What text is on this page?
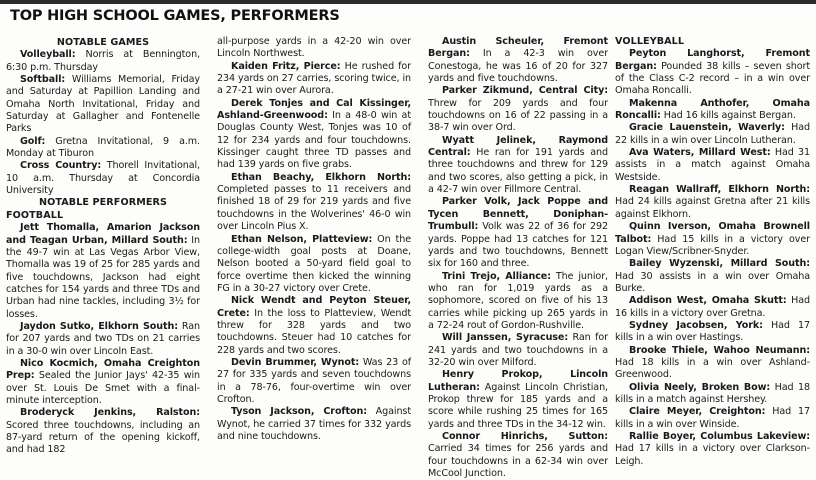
TOP HIGH SCHOOL GAMES, PERFORMERS

NOTABLE GAMES

Volleyball: Norris at Bennington, 6:30 p.m. Thursday

Softball: Williams Memorial, Friday and Saturday at Papillion Landing and Omaha North Invitational, Friday and Saturday at Gallagher and Fontenelle Parks

Golf: Gretna Invitational, 9 a.m. Monday at Tiburon

Cross Country: Thorell Invitational, 10 a.m. Thursday at Concordia University

NOTABLE PERFORMERS

FOOTBALL

Jett Thomalla, Amarion Jackson and Teagan Urban, Millard South: In the 49-7 win at Las Vegas Arbor View, Thomalla was 19 of 25 for 285 yards and five touchdowns, Jackson had eight catches for 154 yards and three TDs and Urban had nine tackles, including 3½ for losses.

Jaydon Sutko, Elkhorn South: Ran for 207 yards and two TDs on 21 carries in a 30-0 win over Lincoln East.

Nico Kocmich, Omaha Creighton Prep: Sealed the Junior Jays' 42-35 win over St. Louis De Smet with a final-minute interception.

Broderyck Jenkins, Ralston: Scored three touchdowns, including an 87-yard return of the opening kickoff, and had 182

all-purpose yards in a 42-20 win over Lincoln Northwest.

Kaiden Fritz, Pierce: He rushed for 234 yards on 27 carries, scoring twice, in a 27-21 win over Aurora.

Derek Tonjes and Cal Kissinger, Ashland-Greenwood: In a 48-0 win at Douglas County West, Tonjes was 10 of 12 for 234 yards and four touchdowns. Kissinger caught three TD passes and had 139 yards on five grabs.

Ethan Beachy, Elkhorn North: Completed passes to 11 receivers and finished 18 of 29 for 219 yards and five touchdowns in the Wolverines' 46-0 win over Lincoln Pius X.

Ethan Nelson, Platteview: On the college-width goal posts at Doane, Nelson booted a 50-yard field goal to force overtime then kicked the winning FG in a 30-27 victory over Crete.

Nick Wendt and Peyton Steuer, Crete: In the loss to Platteview, Wendt threw for 328 yards and two touchdowns. Steuer had 10 catches for 228 yards and two scores.

Devin Brummer, Wynot: Was 23 of 27 for 335 yards and seven touchdowns in a 78-76, four-overtime win over Crofton.

Tyson Jackson, Crofton: Against Wynot, he carried 37 times for 332 yards and nine touchdowns.

Austin Scheuler, Fremont Bergan: In a 42-3 win over Conestoga, he was 16 of 20 for 327 yards and five touchdowns.

Parker Zikmund, Central City: Threw for 209 yards and four touchdowns on 16 of 22 passing in a 38-7 win over Ord.

Wyatt Jelinek, Raymond Central: He ran for 191 yards and three touchdowns and threw for 129 and two scores, also getting a pick, in a 42-7 win over Fillmore Central.

Parker Volk, Jack Poppe and Tycen Bennett, Doniphan-Trumbull: Volk was 22 of 36 for 292 yards. Poppe had 13 catches for 121 yards and two touchdowns, Bennett six for 160 and three.

Trini Trejo, Alliance: The junior, who ran for 1,019 yards as a sophomore, scored on five of his 13 carries while picking up 265 yards in a 72-24 rout of Gordon-Rushville.

Will Janssen, Syracuse: Ran for 241 yards and two touchdowns in a 32-20 win over Milford.

Henry Prokop, Lincoln Lutheran: Against Lincoln Christian, Prokop threw for 185 yards and a score while rushing 25 times for 165 yards and three TDs in the 34-12 win.

Connor Hinrichs, Sutton: Carried 34 times for 256 yards and four touchdowns in a 62-34 win over McCool Junction.

VOLLEYBALL

Peyton Langhorst, Fremont Bergan: Pounded 38 kills – seven short of the Class C-2 record – in a win over Omaha Roncalli.

Makenna Anthofer, Omaha Roncalli: Had 16 kills against Bergan.

Gracie Lauenstein, Waverly: Had 22 kills in a win over Lincoln Lutheran.

Ava Waters, Millard West: Had 31 assists in a match against Omaha Westside.

Reagan Wallraff, Elkhorn North: Had 24 kills against Gretna after 21 kills against Elkhorn.

Quinn Iverson, Omaha Brownell Talbot: Had 15 kills in a victory over Logan View/Scribner-Snyder.

Bailey Wyzenski, Millard South: Had 30 assists in a win over Omaha Burke.

Addison West, Omaha Skutt: Had 16 kills in a victory over Gretna.

Sydney Jacobsen, York: Had 17 kills in a win over Hastings.

Brooke Thiele, Wahoo Neumann: Had 18 kills in a win over Ashland-Greenwood.

Olivia Neely, Broken Bow: Had 18 kills in a match against Hershey.

Claire Meyer, Creighton: Had 17 kills in a win over Winside.

Rallie Boyer, Columbus Lakeview: Had 17 kills in a victory over Clarkson-Leigh.
